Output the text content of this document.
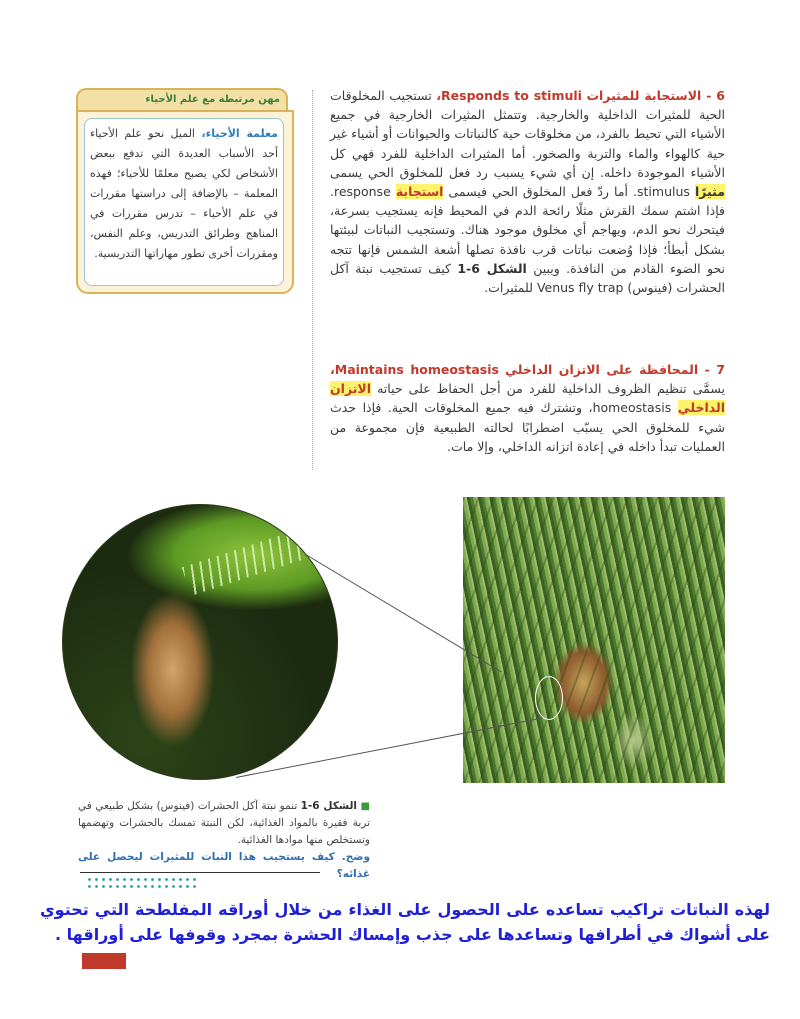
مهن مرتبطة مع علم الأحياء
معلمة الأحياء، الميل نحو علم الأحياء أحد الأسباب العديدة التي تدفع ببعض الأشخاص لكي يصبح معلمًا للأحياء؛ فهذه المعلمة – بالإضافة إلى دراستها مقررات في علم الأحياء – تدرس مقررات في المناهج وطرائق التدريس، وعلم النفس، ومقررات أخرى تطور مهاراتها التدريسية.
6 - الاستجابة للمثيرات Responds to stimuli، تستجيب المخلوقات الحية للمثيرات الداخلية والخارجية. وتتمثل المثيرات الخارجية في جميع الأشياء التي تحيط بالفرد، من مخلوقات حية كالنباتات والحيوانات أو أشياء غير حية كالهواء والماء والتربة والصخور. أما المثيرات الداخلية للفرد فهي كل الأشياء الموجودة داخله. إن أي شيء يسبب رد فعل للمخلوق الحي يسمى مثيرًا stimulus. أما ردّ فعل المخلوق الحي فيسمى استجابة response. فإذا اشتم سمك القرش مثلًا رائحة الدم في المحيط فإنه يستجيب بسرعة، فيتحرك نحو الدم، ويهاجم أي مخلوق موجود هناك. وتستجيب النباتات لبيئتها بشكل أبطأ؛ فإذا وُضعت نباتات قرب نافذة تصلها أشعة الشمس فإنها تتجه نحو الضوء القادم من النافذة. ويبين الشكل 6-1 كيف تستجيب نبتة آكل الحشرات (فينوس) Venus fly trap للمثيرات.
7 - المحافظة على الاتزان الداخلي Maintains homeostasis، يسمَّى تنظيم الظروف الداخلية للفرد من أجل الحفاظ على حياته الاتزان الداخلي homeostasis، وتشترك فيه جميع المخلوقات الحية. فإذا حدث شيء للمخلوق الحي يسبّب اضطرابًا لحالته الطبيعية فإن مجموعة من العمليات تبدأ داخله في إعادة اتزانه الداخلي، وإلا مات.
■ الشكل 6-1 تنمو نبتة آكل الحشرات (فينوس) بشكل طبيعي في تربة فقيرة بالمواد الغذائية، لكن النبتة تمسك بالحشرات وتهضمها وتستخلص منها موادها الغذائية.
وضح. كيف يستجيب هذا النبات للمثيرات ليحصل على غذائه؟
لهذه النباتات تراكيب تساعده على الحصول على الغذاء من خلال أوراقه المفلطحة التي تحتوي على أشواك في أطرافها وتساعدها على جذب وإمساك الحشرة بمجرد وقوفها على أوراقها .
